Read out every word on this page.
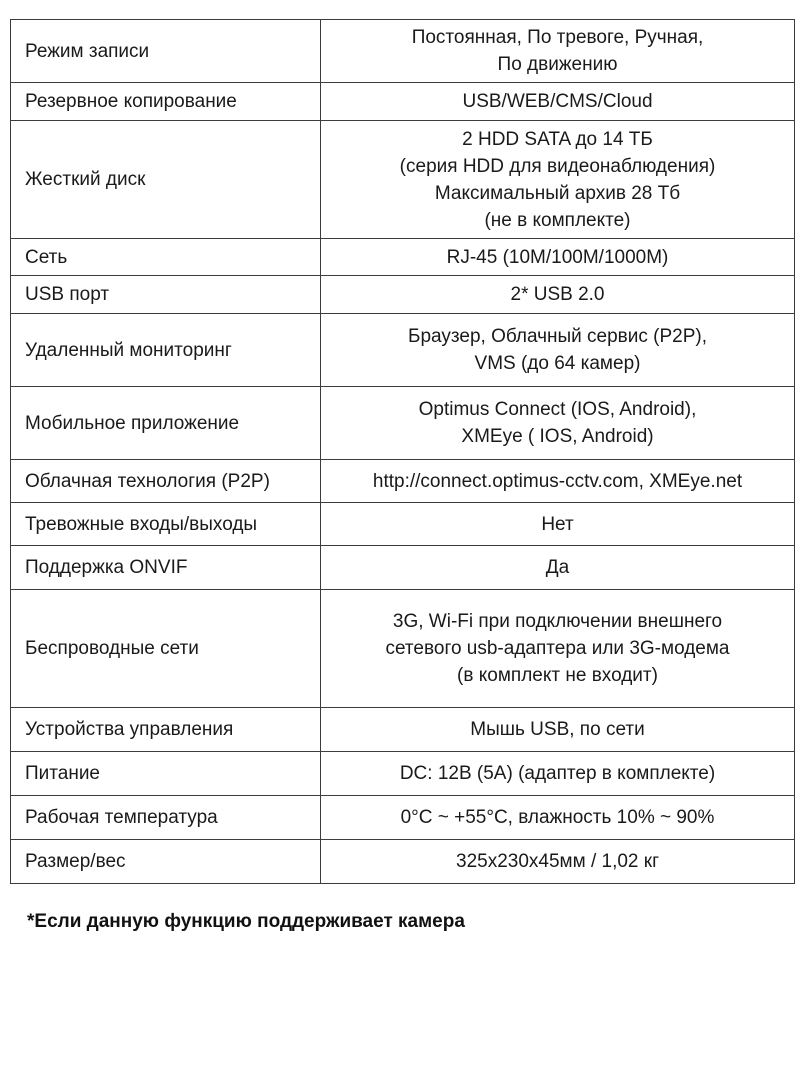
Режим записи	Постоянная, По тревоге, Ручная,
По движению

Резервное копирование	USB/WEB/CMS/Cloud

Жесткий диск	2 HDD SATA до 14 ТБ
(серия HDD для видеонаблюдения)
Максимальный архив 28 Тб
(не в комплекте)

Сеть	RJ-45 (10M/100M/1000M)

USB порт	2* USB 2.0

Удаленный мониторинг	Браузер, Облачный сервис (P2P),
VMS (до 64 камер)

Мобильное приложение	Optimus Connect (IOS, Android),
XMEye ( IOS, Android)

Облачная технология (P2P)	http://connect.optimus-cctv.com, XMEye.net

Тревожные входы/выходы	Нет

Поддержка ONVIF	Да

Беспроводные сети	3G, Wi-Fi при подключении внешнего
сетевого usb-адаптера или 3G-модема
(в комплект не входит)

Устройства управления	Мышь USB, по сети

Питание	DC: 12В (5А) (адаптер в комплекте)

Рабочая температура	0°C ~ +55°C, влажность 10% ~ 90%

Размер/вес	325x230x45мм / 1,02 кг
*Если данную функцию поддерживает камера
